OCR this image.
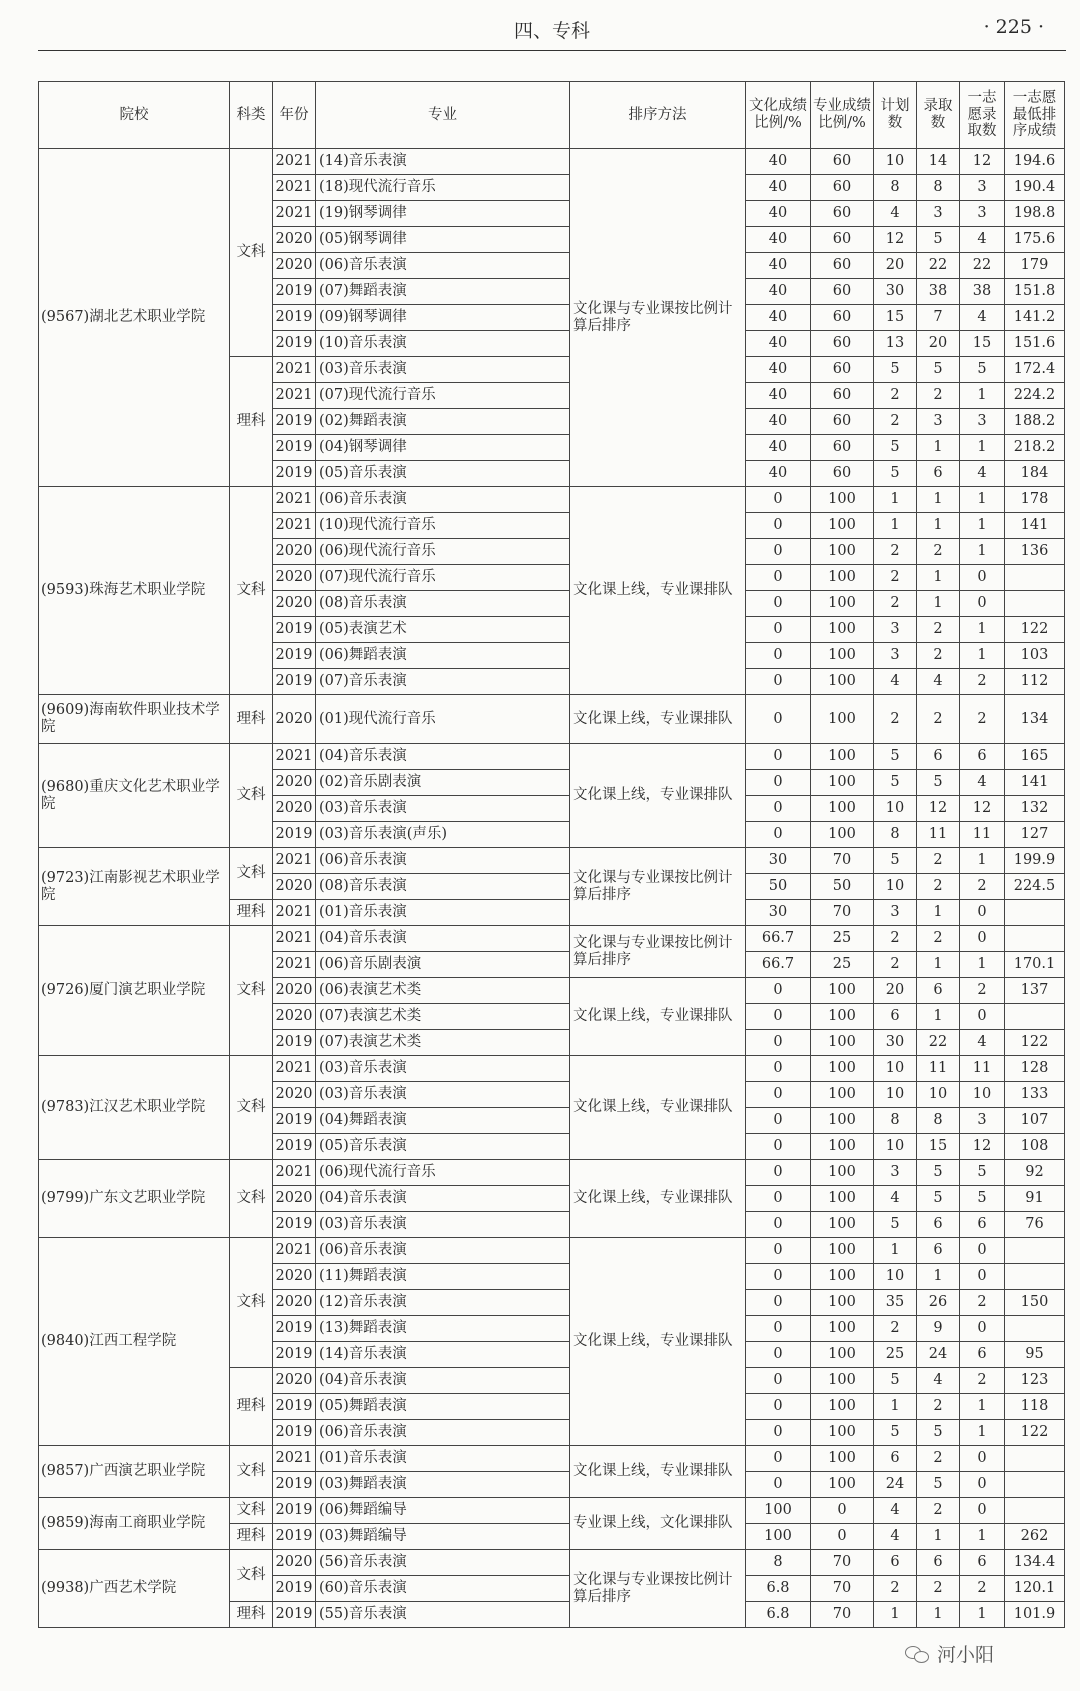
四、专科	· 225 ·
院校	科类	年份	专业	排序方法	文化成绩比例/%	专业成绩比例/%	计划数	录取数	一志愿录取数	一志愿最低排序成绩
(9567)湖北艺术职业学院	文科	2021	(14)音乐表演	文化课与专业课按比例计算后排序	40	60	10	14	12	194.6
		2021	(18)现代流行音乐		40	60	8	8	3	190.4
		2021	(19)钢琴调律		40	60	4	3	3	198.8
		2020	(05)钢琴调律		40	60	12	5	4	175.6
		2020	(06)音乐表演		40	60	20	22	22	179
		2019	(07)舞蹈表演		40	60	30	38	38	151.8
		2019	(09)钢琴调律		40	60	15	7	4	141.2
		2019	(10)音乐表演		40	60	13	20	15	151.6
	理科	2021	(03)音乐表演		40	60	5	5	5	172.4
		2021	(07)现代流行音乐		40	60	2	2	1	224.2
		2019	(02)舞蹈表演		40	60	2	3	3	188.2
		2019	(04)钢琴调律		40	60	5	1	1	218.2
		2019	(05)音乐表演		40	60	5	6	4	184
(9593)珠海艺术职业学院	文科	2021	(06)音乐表演	文化课上线，专业课排队	0	100	1	1	1	178
		2021	(10)现代流行音乐		0	100	1	1	1	141
		2020	(06)现代流行音乐		0	100	2	2	1	136
		2020	(07)现代流行音乐		0	100	2	1	0	
		2020	(08)音乐表演		0	100	2	1	0	
		2019	(05)表演艺术		0	100	3	2	1	122
		2019	(06)舞蹈表演		0	100	3	2	1	103
		2019	(07)音乐表演		0	100	4	4	2	112
(9609)海南软件职业技术学院	理科	2020	(01)现代流行音乐	文化课上线，专业课排队	0	100	2	2	2	134
(9680)重庆文化艺术职业学院	文科	2021	(04)音乐表演	文化课上线，专业课排队	0	100	5	6	6	165
		2020	(02)音乐剧表演		0	100	5	5	4	141
		2020	(03)音乐表演		0	100	10	12	12	132
		2019	(03)音乐表演(声乐)		0	100	8	11	11	127
(9723)江南影视艺术职业学院	文科	2021	(06)音乐表演	文化课与专业课按比例计算后排序	30	70	5	2	1	199.9
		2020	(08)音乐表演		50	50	10	2	2	224.5
	理科	2021	(01)音乐表演		30	70	3	1	0	
(9726)厦门演艺职业学院	文科	2021	(04)音乐表演	文化课与专业课按比例计算后排序	66.7	25	2	2	0	
		2021	(06)音乐剧表演		66.7	25	2	1	1	170.1
		2020	(06)表演艺术类	文化课上线，专业课排队	0	100	20	6	2	137
		2020	(07)表演艺术类		0	100	6	1	0	
		2019	(07)表演艺术类		0	100	30	22	4	122
(9783)江汉艺术职业学院	文科	2021	(03)音乐表演	文化课上线，专业课排队	0	100	10	11	11	128
		2020	(03)音乐表演		0	100	10	10	10	133
		2019	(04)舞蹈表演		0	100	8	8	3	107
		2019	(05)音乐表演		0	100	10	15	12	108
(9799)广东文艺职业学院	文科	2021	(06)现代流行音乐	文化课上线，专业课排队	0	100	3	5	5	92
		2020	(04)音乐表演		0	100	4	5	5	91
		2019	(03)音乐表演		0	100	5	6	6	76
(9840)江西工程学院	文科	2021	(06)音乐表演	文化课上线，专业课排队	0	100	1	6	0	
		2020	(11)舞蹈表演		0	100	10	1	0	
		2020	(12)音乐表演		0	100	35	26	2	150
		2019	(13)舞蹈表演		0	100	2	9	0	
		2019	(14)音乐表演		0	100	25	24	6	95
	理科	2020	(04)音乐表演		0	100	5	4	2	123
		2019	(05)舞蹈表演		0	100	1	2	1	118
		2019	(06)音乐表演		0	100	5	5	1	122
(9857)广西演艺职业学院	文科	2021	(01)音乐表演	文化课上线，专业课排队	0	100	6	2	0	
		2019	(03)舞蹈表演		0	100	24	5	0	
(9859)海南工商职业学院	文科	2019	(06)舞蹈编导	专业课上线，文化课排队	100	0	4	2	0	
	理科	2019	(03)舞蹈编导		100	0	4	1	1	262
(9938)广西艺术学院	文科	2020	(56)音乐表演	文化课与专业课按比例计算后排序	8	70	6	6	6	134.4
		2019	(60)音乐表演		6.8	70	2	2	2	120.1
	理科	2019	(55)音乐表演		6.8	70	1	1	1	101.9
河小阳
